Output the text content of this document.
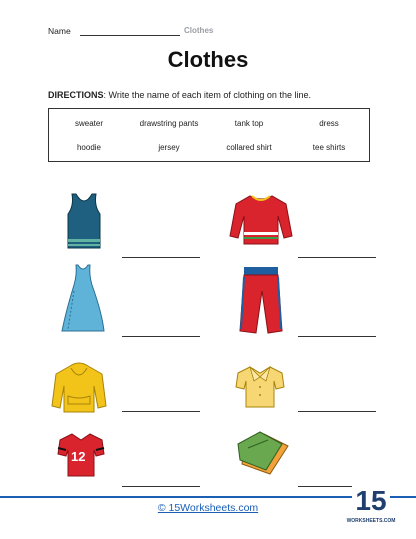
Name	Clothes
Clothes
DIRECTIONS: Write the name of each item of clothing on the line.
sweater	drawstring pants	tank top	dress
hoodie	jersey	collared shirt	tee shirts
12
© 15Worksheets.com	15
WORKSHEETS.COM
